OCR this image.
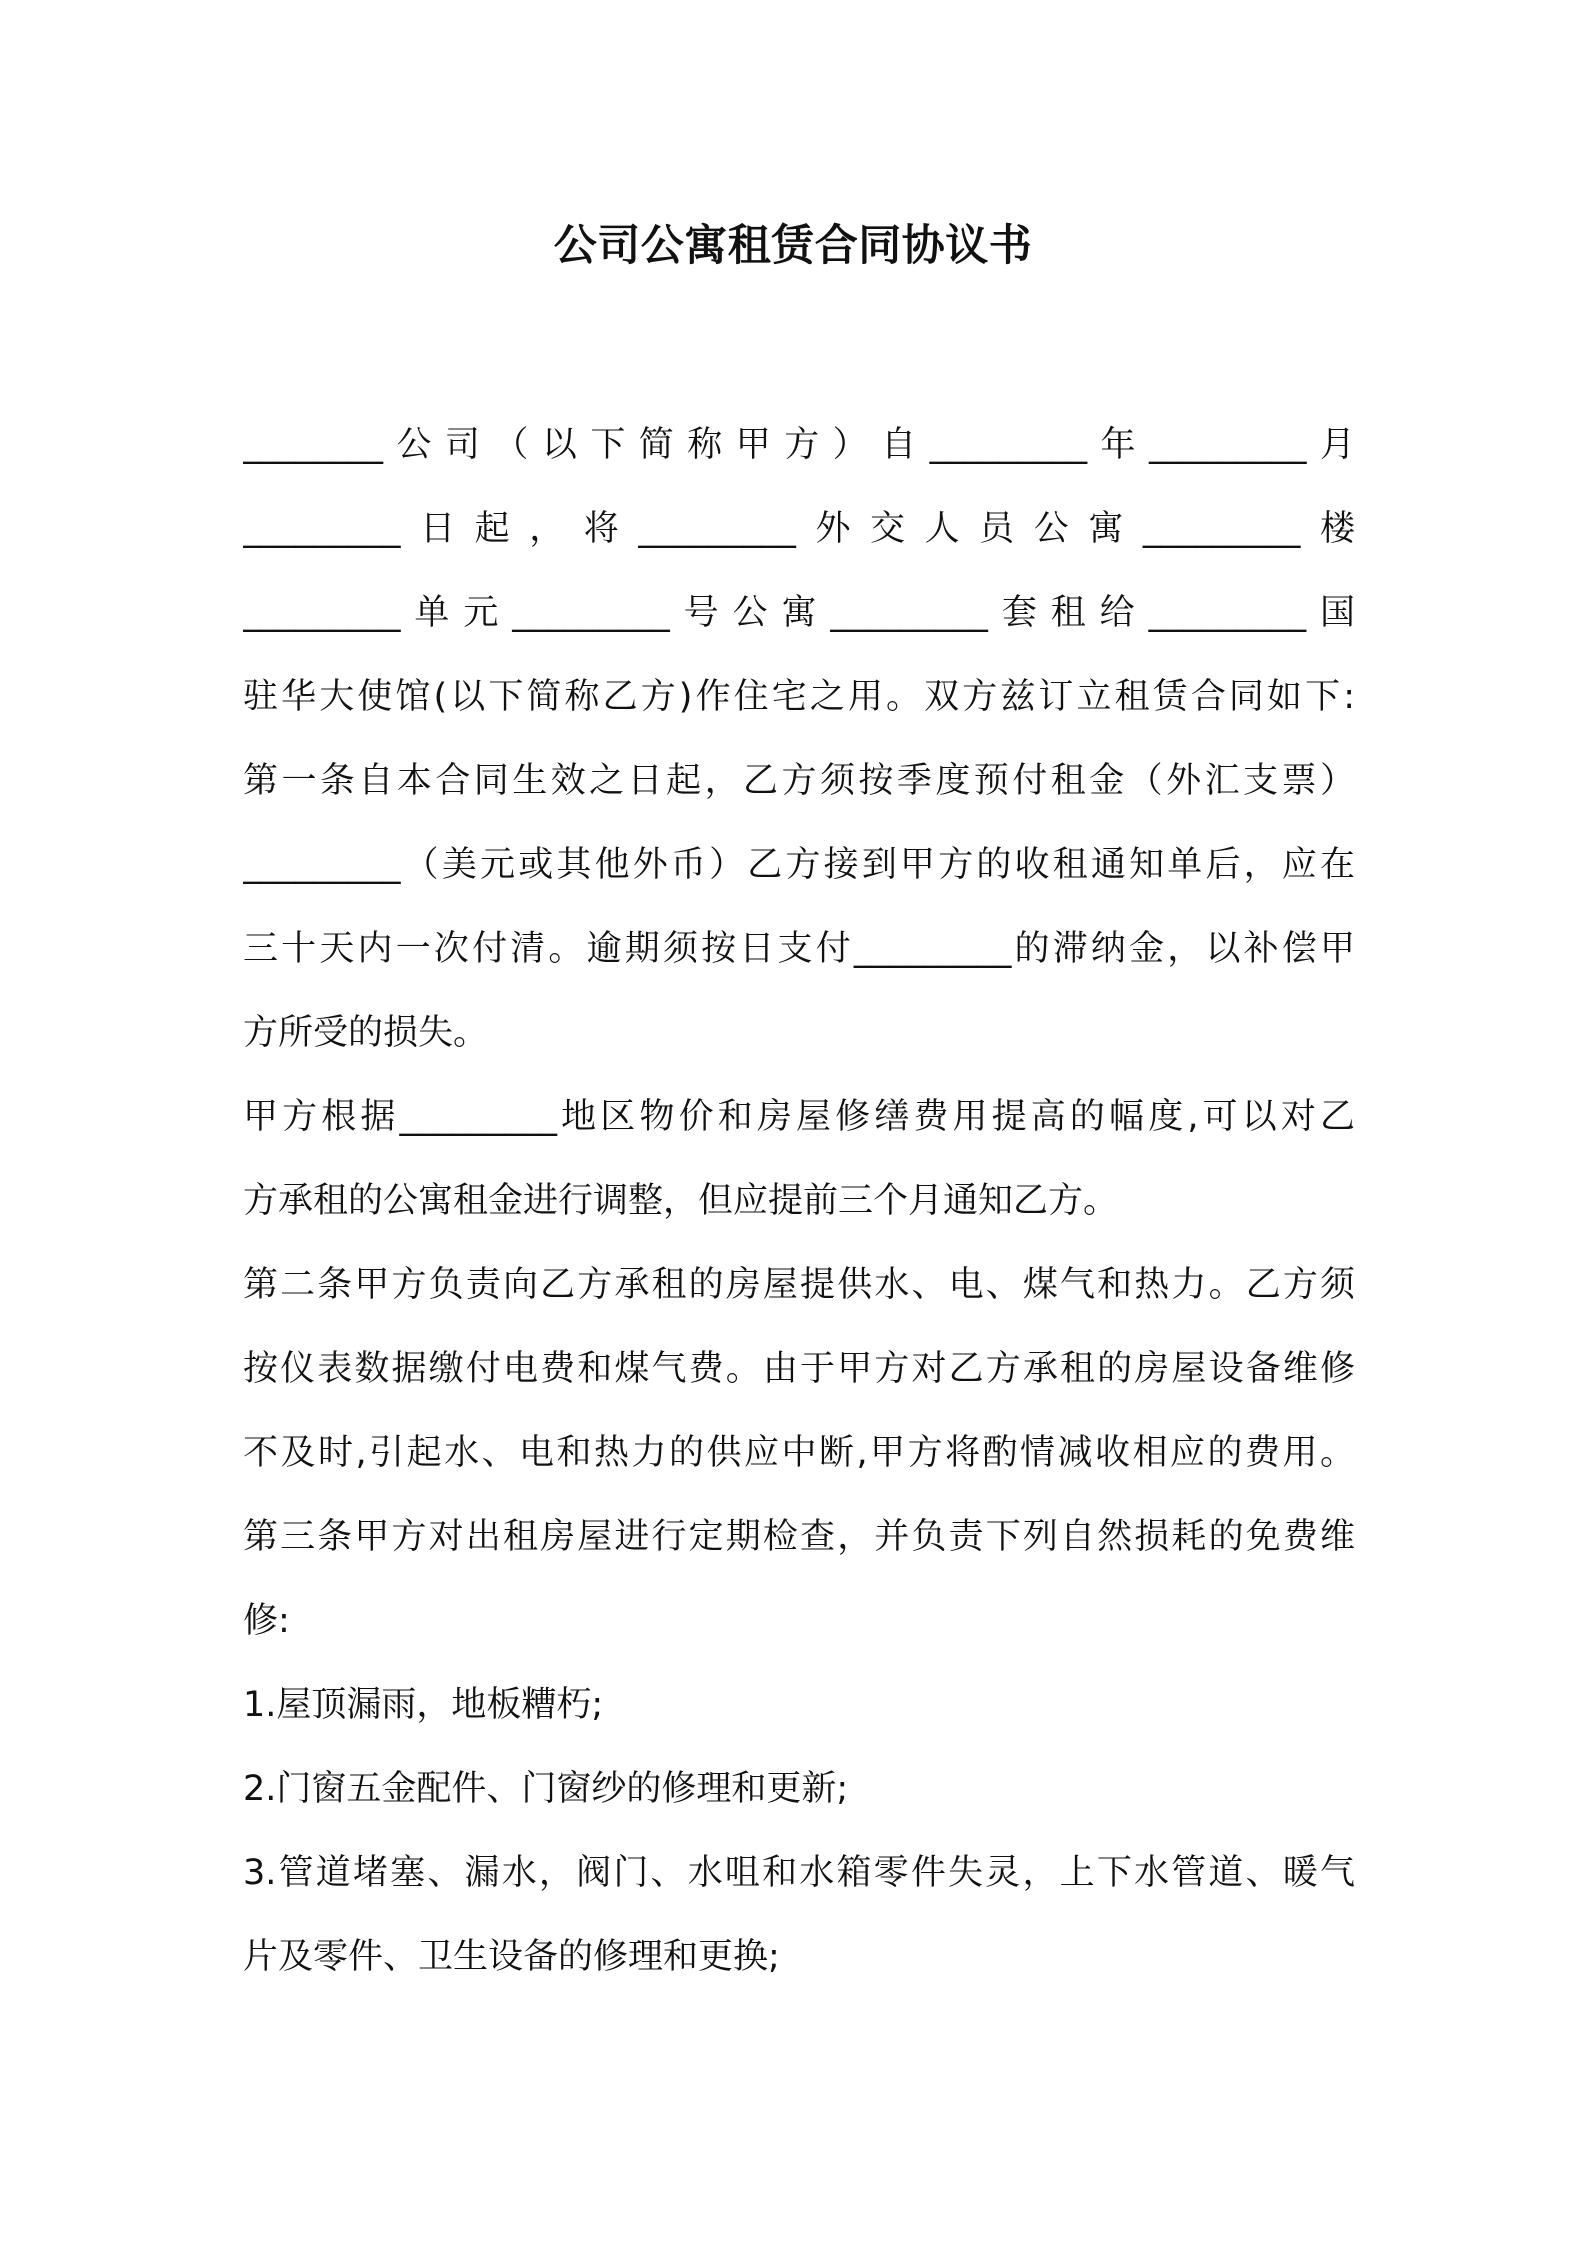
公司公寓租赁合同协议书
________公司（以下简称甲方）自_________年_________月
_________日起，将_________外交人员公寓_________楼
_________单元_________号公寓_________套租给_________国
驻华大使馆(以下简称乙方)作住宅之用。双方兹订立租赁合同如下:
第一条自本合同生效之日起，乙方须按季度预付租金（外汇支票）
_________（美元或其他外币）乙方接到甲方的收租通知单后，应在
三十天内一次付清。逾期须按日支付_________的滞纳金，以补偿甲
方所受的损失。
甲方根据_________地区物价和房屋修缮费用提高的幅度,可以对乙
方承租的公寓租金进行调整，但应提前三个月通知乙方。
第二条甲方负责向乙方承租的房屋提供水、电、煤气和热力。乙方须
按仪表数据缴付电费和煤气费。由于甲方对乙方承租的房屋设备维修
不及时,引起水、电和热力的供应中断,甲方将酌情减收相应的费用。
第三条甲方对出租房屋进行定期检查，并负责下列自然损耗的免费维
修:
1.屋顶漏雨，地板糟朽;
2.门窗五金配件、门窗纱的修理和更新;
3.管道堵塞、漏水，阀门、水咀和水箱零件失灵，上下水管道、暖气
片及零件、卫生设备的修理和更换;
